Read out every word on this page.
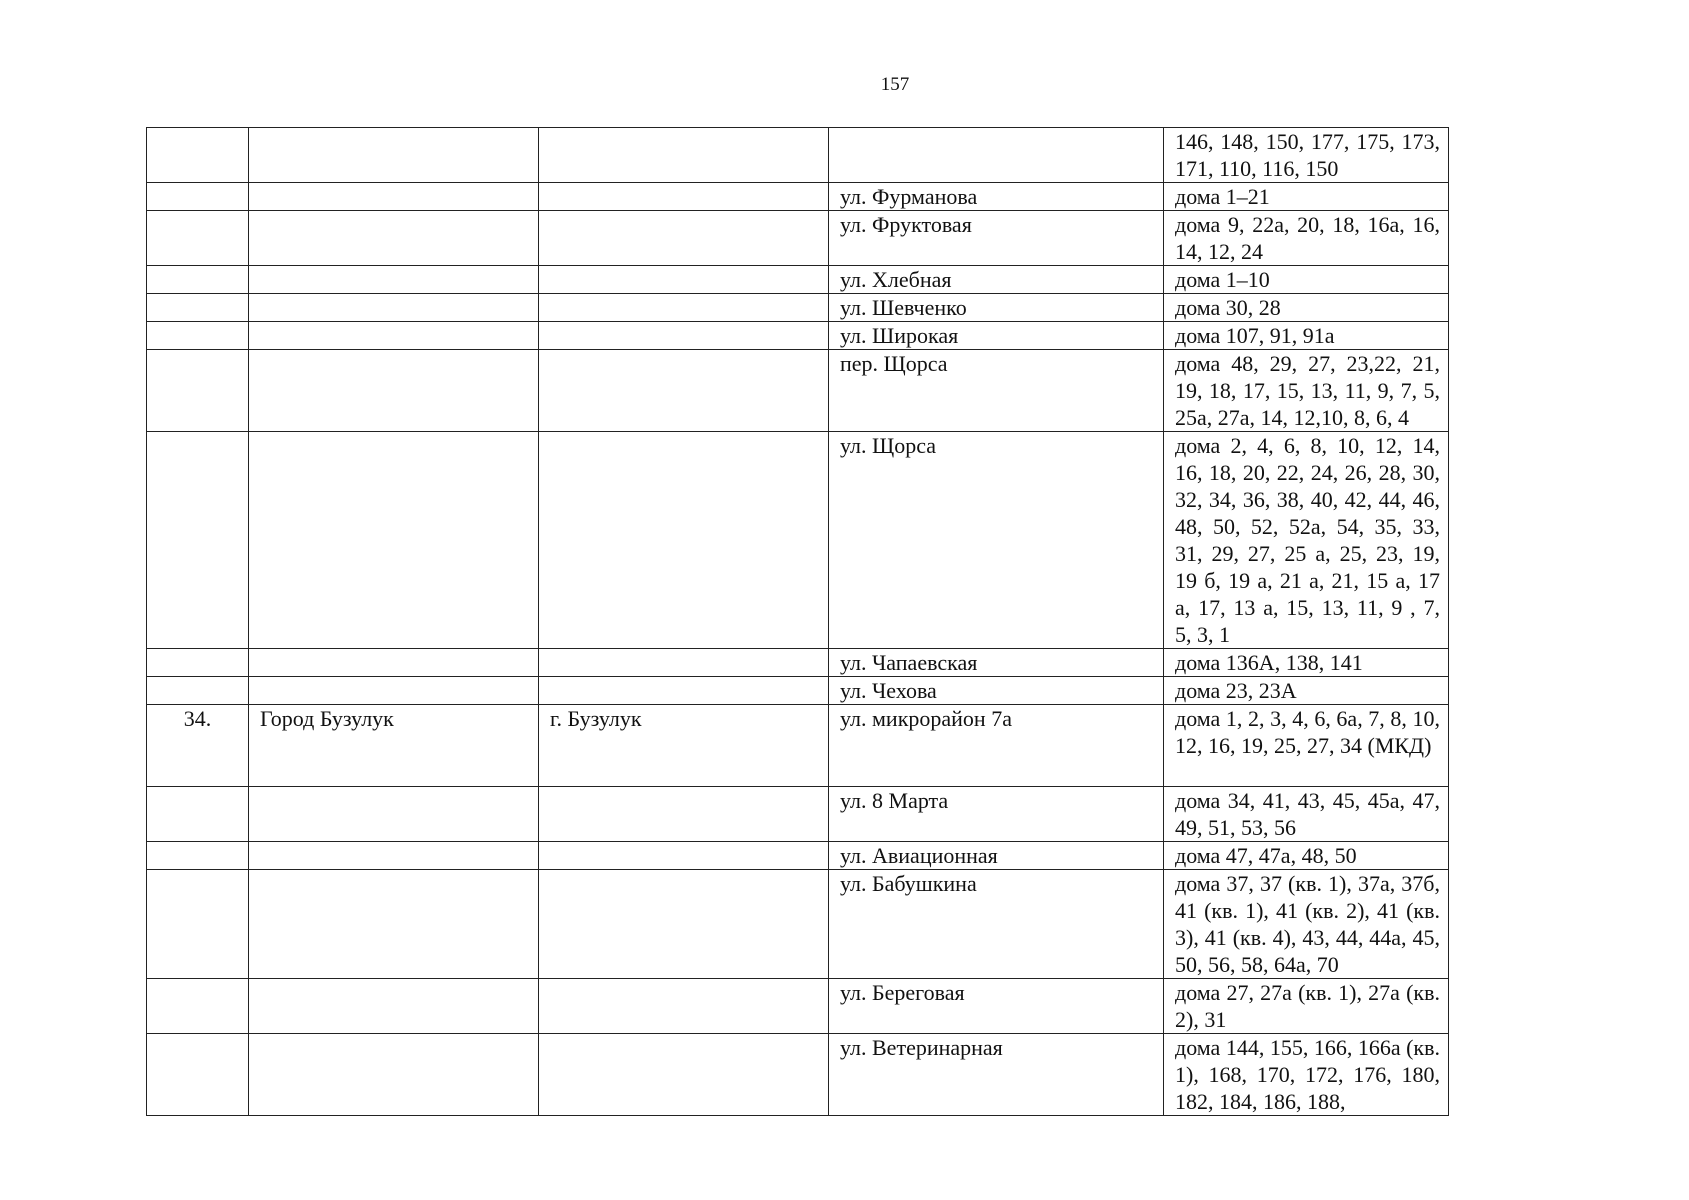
157
				146, 148, 150, 177, 175, 173, 171, 110, 116, 150
			ул. Фурманова	дома 1–21
			ул. Фруктовая	дома 9, 22а, 20, 18, 16а, 16, 14, 12, 24
			ул. Хлебная	дома 1–10
			ул. Шевченко	дома 30, 28
			ул. Широкая	дома 107, 91, 91а
			пер. Щорса	дома 48, 29, 27, 23,22, 21, 19, 18, 17, 15, 13, 11, 9, 7, 5, 25а, 27а, 14, 12,10, 8, 6, 4
			ул. Щорса	дома 2, 4, 6, 8, 10, 12, 14, 16, 18, 20, 22, 24, 26, 28, 30, 32, 34, 36, 38, 40, 42, 44, 46, 48, 50, 52, 52а, 54, 35, 33, 31, 29, 27, 25 а, 25, 23, 19, 19 б, 19 а, 21 а, 21, 15 а, 17 а, 17, 13 а, 15, 13, 11, 9 , 7, 5, 3, 1
			ул. Чапаевская	дома 136А, 138, 141
			ул. Чехова	дома 23, 23А
34.	Город Бузулук	г. Бузулук	ул. микрорайон 7а	дома 1, 2, 3, 4, 6, 6а, 7, 8, 10, 12, 16, 19, 25, 27, 34 (МКД)
			ул. 8 Марта	дома 34, 41, 43, 45, 45а, 47, 49, 51, 53, 56
			ул. Авиационная	дома 47, 47а, 48, 50
			ул. Бабушкина	дома 37, 37 (кв. 1), 37а, 37б, 41 (кв. 1), 41 (кв. 2), 41 (кв. 3), 41 (кв. 4), 43, 44, 44а, 45, 50, 56, 58, 64а, 70
			ул. Береговая	дома 27, 27а (кв. 1), 27а (кв. 2), 31
			ул. Ветеринарная	дома 144, 155, 166, 166а (кв. 1), 168, 170, 172, 176, 180, 182, 184, 186, 188,
